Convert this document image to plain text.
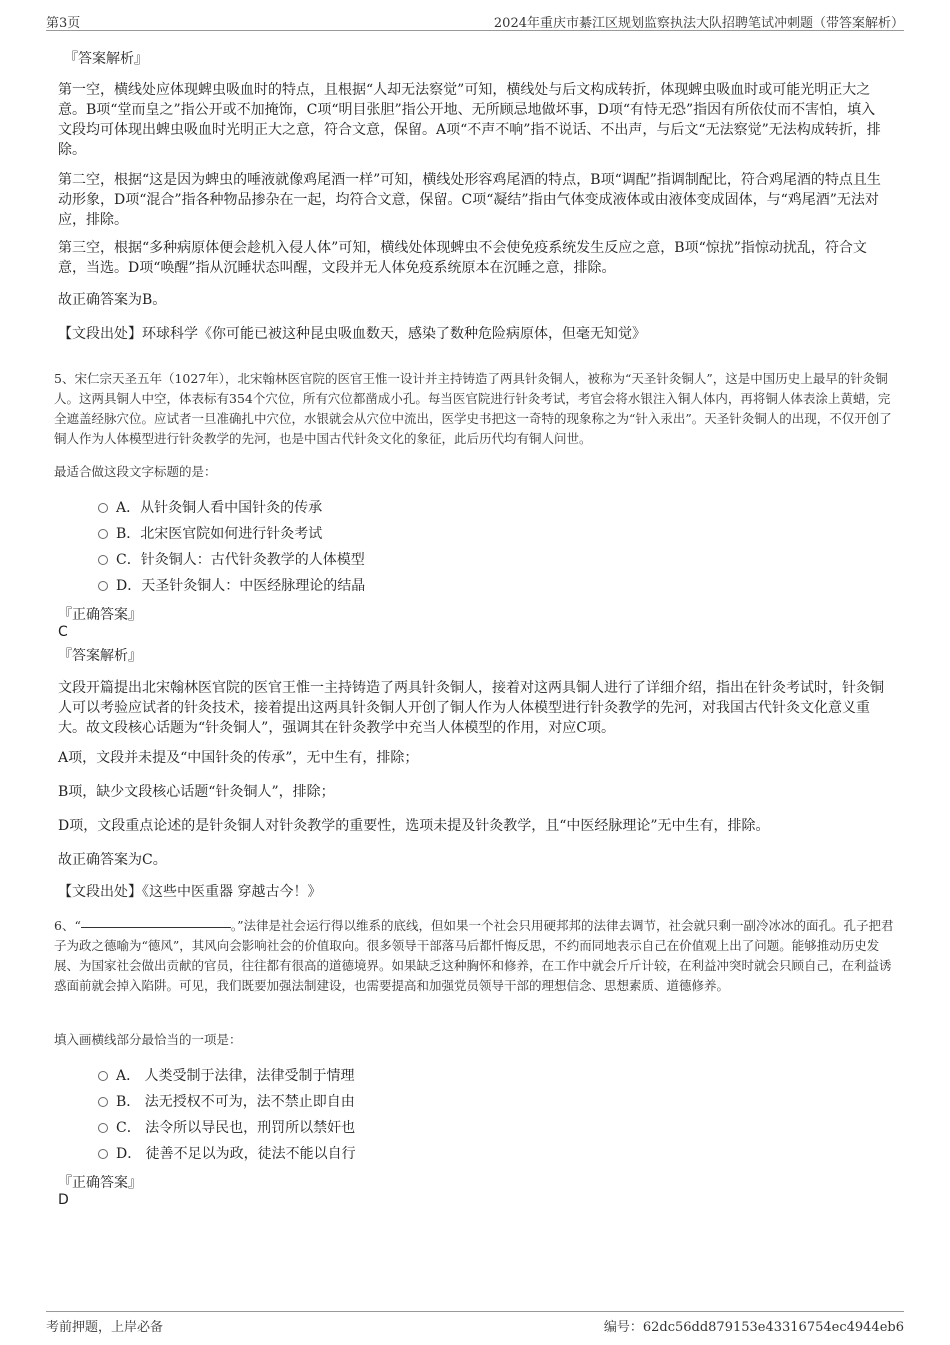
第3页	2024年重庆市綦江区规划监察执法大队招聘笔试冲刺题（带答案解析）
『答案解析』

第一空，横线处应体现蜱虫吸血时的特点，且根据“人却无法察觉”可知，横线处与后文构成转折，体现蜱虫吸血时或可能光明正大之意。B项“堂而皇之”指公开或不加掩饰，C项“明目张胆”指公开地、无所顾忌地做坏事，D项“有恃无恐”指因有所依仗而不害怕，填入文段均可体现出蜱虫吸血时光明正大之意，符合文意，保留。A项“不声不响”指不说话、不出声，与后文“无法察觉”无法构成转折，排除。

第二空，根据“这是因为蜱虫的唾液就像鸡尾酒一样”可知，横线处形容鸡尾酒的特点，B项“调配”指调制配比，符合鸡尾酒的特点且生动形象，D项“混合”指各种物品掺杂在一起，均符合文意，保留。C项“凝结”指由气体变成液体或由液体变成固体，与“鸡尾酒”无法对应，排除。

第三空，根据“多种病原体便会趁机入侵人体”可知，横线处体现蜱虫不会使免疫系统发生反应之意，B项“惊扰”指惊动扰乱，符合文意，当选。D项“唤醒”指从沉睡状态叫醒，文段并无人体免疫系统原本在沉睡之意，排除。

故正确答案为B。

【文段出处】环球科学《你可能已被这种昆虫吸血数天，感染了数种危险病原体，但毫无知觉》

5、宋仁宗天圣五年（1027年），北宋翰林医官院的医官王惟一设计并主持铸造了两具针灸铜人，被称为“天圣针灸铜人”，这是中国历史上最早的针灸铜人。这两具铜人中空，体表标有354个穴位，所有穴位都凿成小孔。每当医官院进行针灸考试，考官会将水银注入铜人体内，再将铜人体表涂上黄蜡，完全遮盖经脉穴位。应试者一旦准确扎中穴位，水银就会从穴位中流出，医学史书把这一奇特的现象称之为“针入汞出”。天圣针灸铜人的出现，不仅开创了铜人作为人体模型进行针灸教学的先河，也是中国古代针灸文化的象征，此后历代均有铜人问世。

最适合做这段文字标题的是：

A．从针灸铜人看中国针灸的传承
B．北宋医官院如何进行针灸考试
C．针灸铜人：古代针灸教学的人体模型
D．天圣针灸铜人：中医经脉理论的结晶
『正确答案』
C
『答案解析』

文段开篇提出北宋翰林医官院的医官王惟一主持铸造了两具针灸铜人，接着对这两具铜人进行了详细介绍，指出在针灸考试时，针灸铜人可以考验应试者的针灸技术，接着提出这两具针灸铜人开创了铜人作为人体模型进行针灸教学的先河，对我国古代针灸文化意义重大。故文段核心话题为“针灸铜人”，强调其在针灸教学中充当人体模型的作用，对应C项。

A项，文段并未提及“中国针灸的传承”，无中生有，排除；

B项，缺少文段核心话题“针灸铜人”，排除；

D项，文段重点论述的是针灸铜人对针灸教学的重要性，选项未提及针灸教学，且“中医经脉理论”无中生有，排除。

故正确答案为C。

【文段出处】《这些中医重器 穿越古今！》

6、“	。”法律是社会运行得以维系的底线，但如果一个社会只用硬邦邦的法律去调节，社会就只剩一副冷冰冰的面孔。孔子把君子为政之德喻为“德风”，其风向会影响社会的价值取向。很多领导干部落马后都忏悔反思，不约而同地表示自己在价值观上出了问题。能够推动历史发展、为国家社会做出贡献的官员，往往都有很高的道德境界。如果缺乏这种胸怀和修养，在工作中就会斤斤计较，在利益冲突时就会只顾自己，在利益诱惑面前就会掉入陷阱。可见，我们既要加强法制建设，也需要提高和加强党员领导干部的理想信念、思想素质、道德修养。

填入画横线部分最恰当的一项是：

A． 人类受制于法律，法律受制于情理
B． 法无授权不可为，法不禁止即自由
C． 法令所以导民也，刑罚所以禁奸也
D． 徒善不足以为政，徒法不能以自行
『正确答案』
D
考前押题，上岸必备	编号：62dc56dd879153e43316754ec4944eb6
